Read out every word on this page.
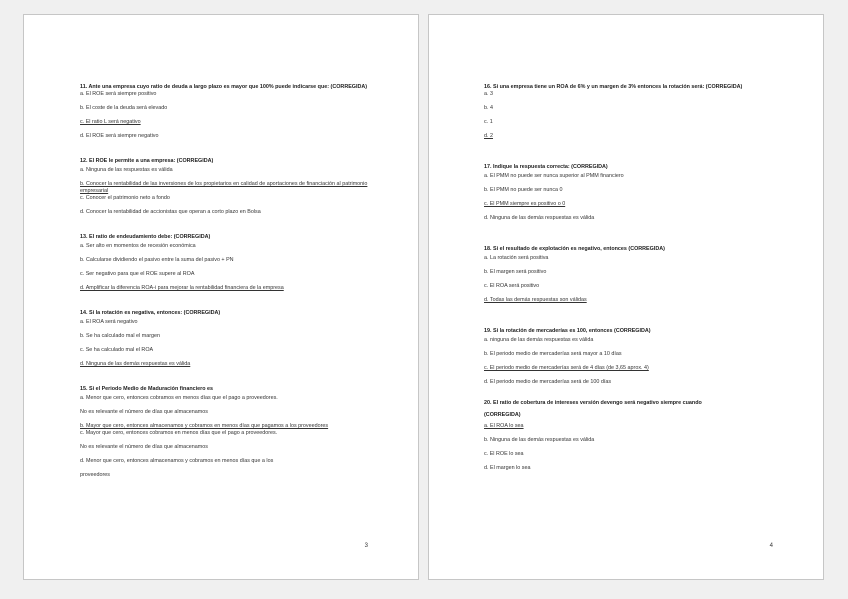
11. Ante una empresa cuyo ratio de deuda a largo plazo es mayor que 100% puede indicarse que: (CORREGIDA)
a. El ROE será siempre positivo
b. El coste de la deuda será elevado
c. El ratio L será negativo
d. El ROE será siempre negativo
12. El ROE le permite a una empresa: (CORREGIDA)
a. Ninguna de las respuestas es válida
b. Conocer la rentabilidad de las inversiones de los propietarios en calidad de aportaciones de financiación al patrimonio empresarial
c. Conocer el patrimonio neto a fondo
d. Conocer la rentabilidad de accionistas que operan a corto plazo en Bolsa
13. El ratio de endeudamiento debe: (CORREGIDA)
a. Ser alto en momentos de recesión económica
b. Calcularse dividiendo el pasivo entre la suma del pasivo + PN
c. Ser negativo para que el ROE supere al ROA
d. Amplificar la diferencia ROA-i para mejorar la rentabilidad financiera de la empresa
14. Si la rotación es negativa, entonces: (CORREGIDA)
a. El ROA será negativo
b. Se ha calculado mal el margen
c. Se ha calculado mal el ROA
d. Ninguna de las demás respuestas es válida
15. Si el Periodo Medio de Maduración financiero es
a. Menor que cero, entonces cobramos en menos días que el pago a proveedores.
No es relevante el número de días que almacenamos
b. Mayor que cero, entonces almacenamos y cobramos en menos días que pagamos a los proveedores
c. Mayor que cero, entonces cobramos en menos días que el pago a proveedores.
No es relevante el número de días que almacenamos
d. Menor que cero, entonces almacenamos y cobramos en menos días que a los
proveedores
3
16. Si una empresa tiene un ROA de 6% y un margen de 3% entonces la rotación será: (CORREGIDA)
a. 3
b. 4
c. 1
d. 2
17. Indique la respuesta correcta: (CORREGIDA)
a. El PMM no puede ser nunca superior al PMM financiero
b. El PMM no puede ser nunca 0
c. El PMM siempre es positivo o 0
d. Ninguna de las demás respuestas es válida
18. Si el resultado de explotación es negativo, entonces (CORREGIDA)
a. La rotación será positiva
b. El margen será positivo
c. El ROA será positivo
d. Todas las demás respuestas son válidas
19. Si la rotación de mercaderías es 100, entonces (CORREGIDA)
a. ninguna de las demás respuestas es válida
b. El periodo medio de mercaderías será mayor a 10 días
c. El periodo medio de mercaderías será de 4 días (de 3,65 aprox. 4)
d. El periodo medio de mercaderías será de 100 días
20. El ratio de cobertura de intereses versión devengo será negativo siempre cuando
(CORREGIDA)
a. El ROA lo sea
b. Ninguna de las demás respuestas es válida
c. El ROE lo sea
d. El margen lo sea
4
